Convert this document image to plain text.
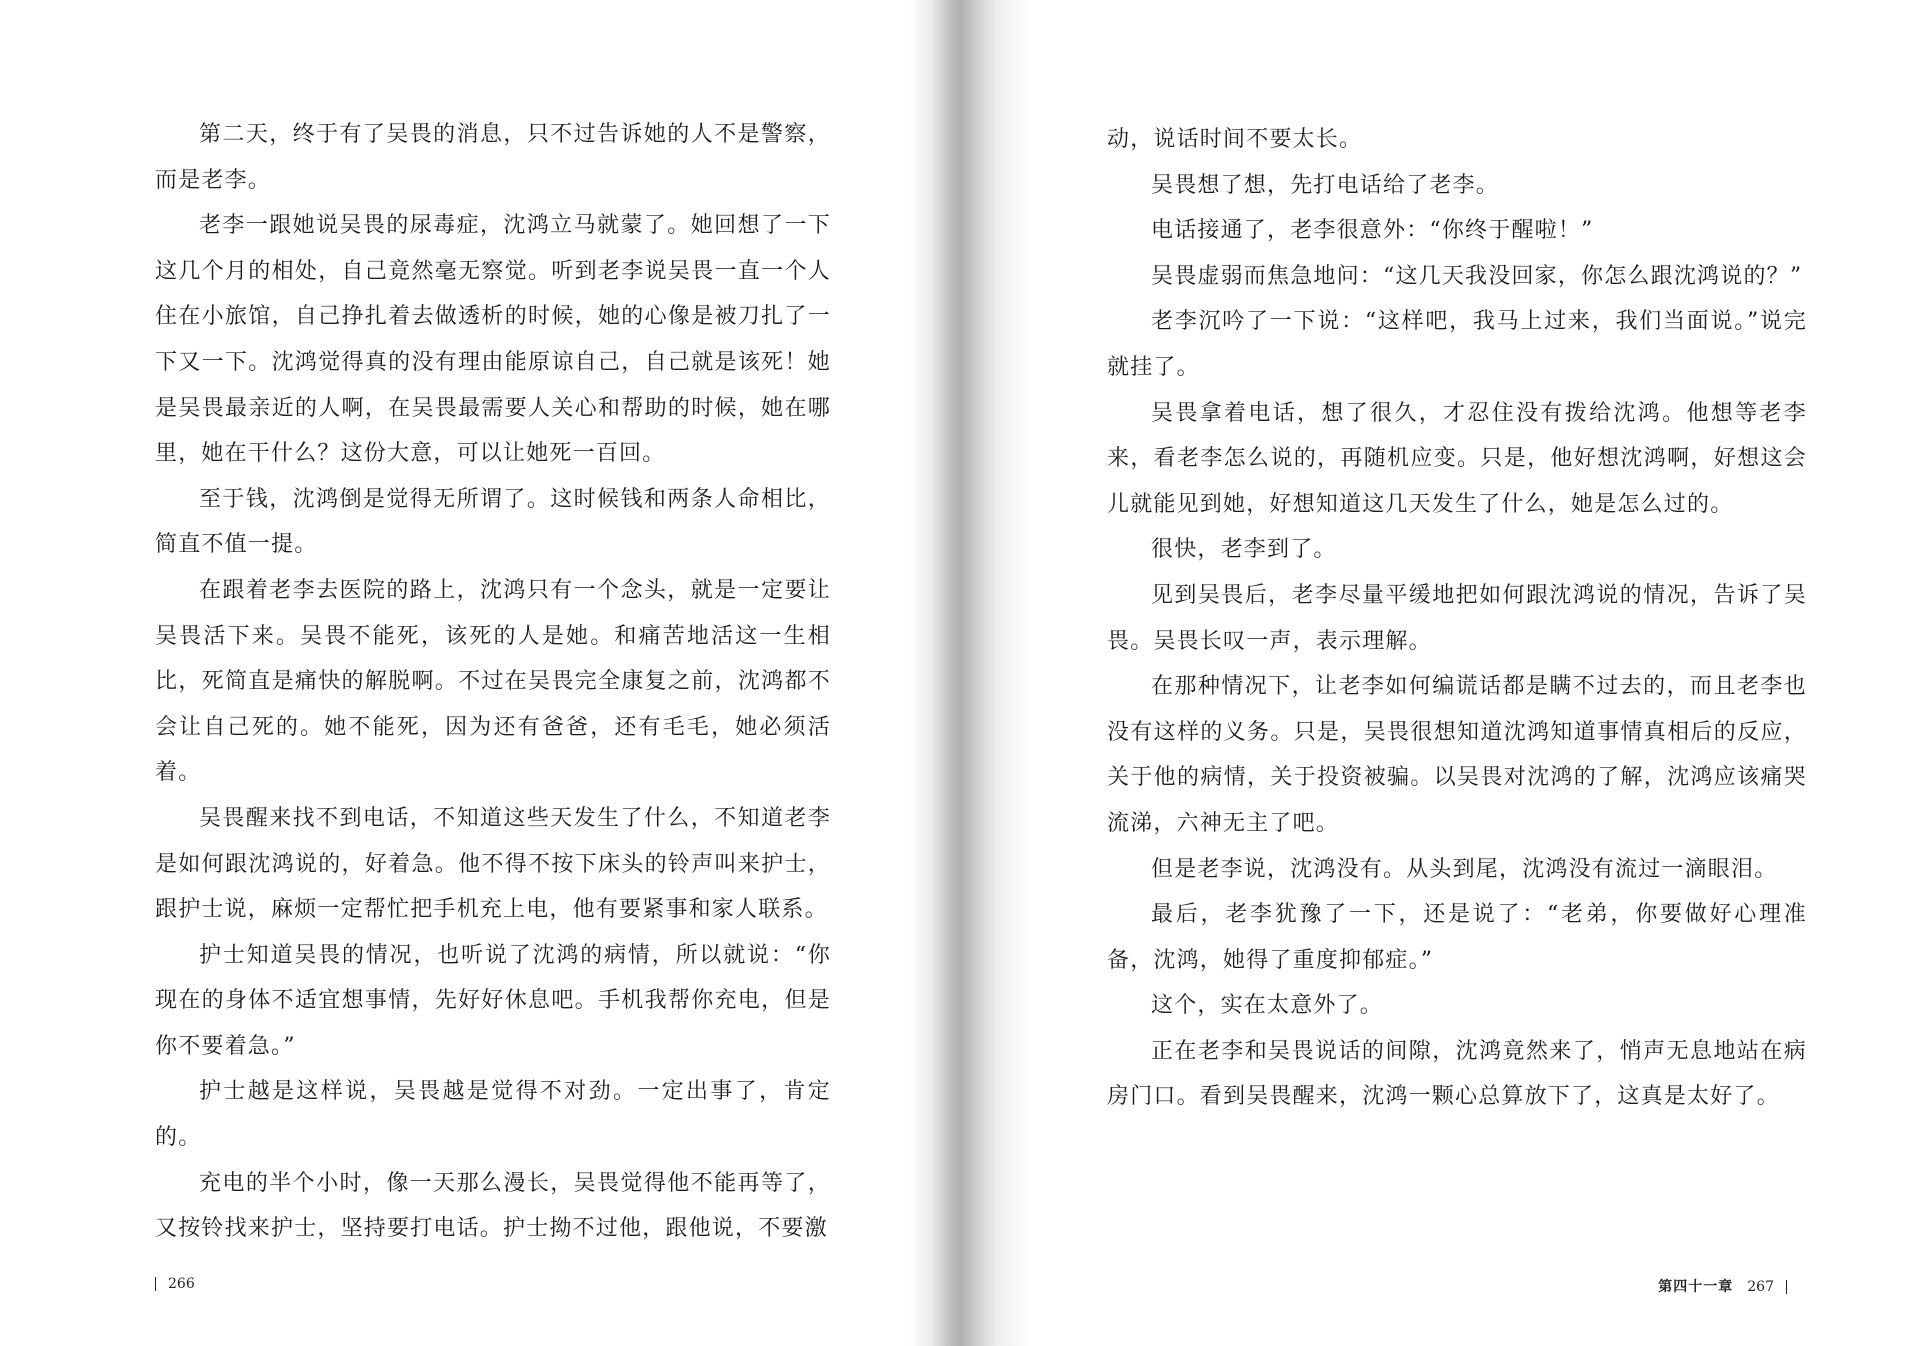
第二天，终于有了吴畏的消息，只不过告诉她的人不是警察，而是老李。

老李一跟她说吴畏的尿毒症，沈鸿立马就蒙了。她回想了一下这几个月的相处，自己竟然毫无察觉。听到老李说吴畏一直一个人住在小旅馆，自己挣扎着去做透析的时候，她的心像是被刀扎了一下又一下。沈鸿觉得真的没有理由能原谅自己，自己就是该死！她是吴畏最亲近的人啊，在吴畏最需要人关心和帮助的时候，她在哪里，她在干什么？这份大意，可以让她死一百回。

至于钱，沈鸿倒是觉得无所谓了。这时候钱和两条人命相比，简直不值一提。

在跟着老李去医院的路上，沈鸿只有一个念头，就是一定要让吴畏活下来。吴畏不能死，该死的人是她。和痛苦地活这一生相比，死简直是痛快的解脱啊。不过在吴畏完全康复之前，沈鸿都不会让自己死的。她不能死，因为还有爸爸，还有毛毛，她必须活着。

吴畏醒来找不到电话，不知道这些天发生了什么，不知道老李是如何跟沈鸿说的，好着急。他不得不按下床头的铃声叫来护士，跟护士说，麻烦一定帮忙把手机充上电，他有要紧事和家人联系。

护士知道吴畏的情况，也听说了沈鸿的病情，所以就说：“你现在的身体不适宜想事情，先好好休息吧。手机我帮你充电，但是你不要着急。”

护士越是这样说，吴畏越是觉得不对劲。一定出事了，肯定的。

充电的半个小时，像一天那么漫长，吴畏觉得他不能再等了，又按铃找来护士，坚持要打电话。护士拗不过他，跟他说，不要激

266

动，说话时间不要太长。

吴畏想了想，先打电话给了老李。

电话接通了，老李很意外：“你终于醒啦！”

吴畏虚弱而焦急地问：“这几天我没回家，你怎么跟沈鸿说的？”

老李沉吟了一下说：“这样吧，我马上过来，我们当面说。”说完就挂了。

吴畏拿着电话，想了很久，才忍住没有拨给沈鸿。他想等老李来，看老李怎么说的，再随机应变。只是，他好想沈鸿啊，好想这会儿就能见到她，好想知道这几天发生了什么，她是怎么过的。

很快，老李到了。

见到吴畏后，老李尽量平缓地把如何跟沈鸿说的情况，告诉了吴畏。吴畏长叹一声，表示理解。

在那种情况下，让老李如何编谎话都是瞒不过去的，而且老李也没有这样的义务。只是，吴畏很想知道沈鸿知道事情真相后的反应，关于他的病情，关于投资被骗。以吴畏对沈鸿的了解，沈鸿应该痛哭流涕，六神无主了吧。

但是老李说，沈鸿没有。从头到尾，沈鸿没有流过一滴眼泪。

最后，老李犹豫了一下，还是说了：“老弟，你要做好心理准备，沈鸿，她得了重度抑郁症。”

这个，实在太意外了。

正在老李和吴畏说话的间隙，沈鸿竟然来了，悄声无息地站在病房门口。看到吴畏醒来，沈鸿一颗心总算放下了，这真是太好了。

第四十一章 267
